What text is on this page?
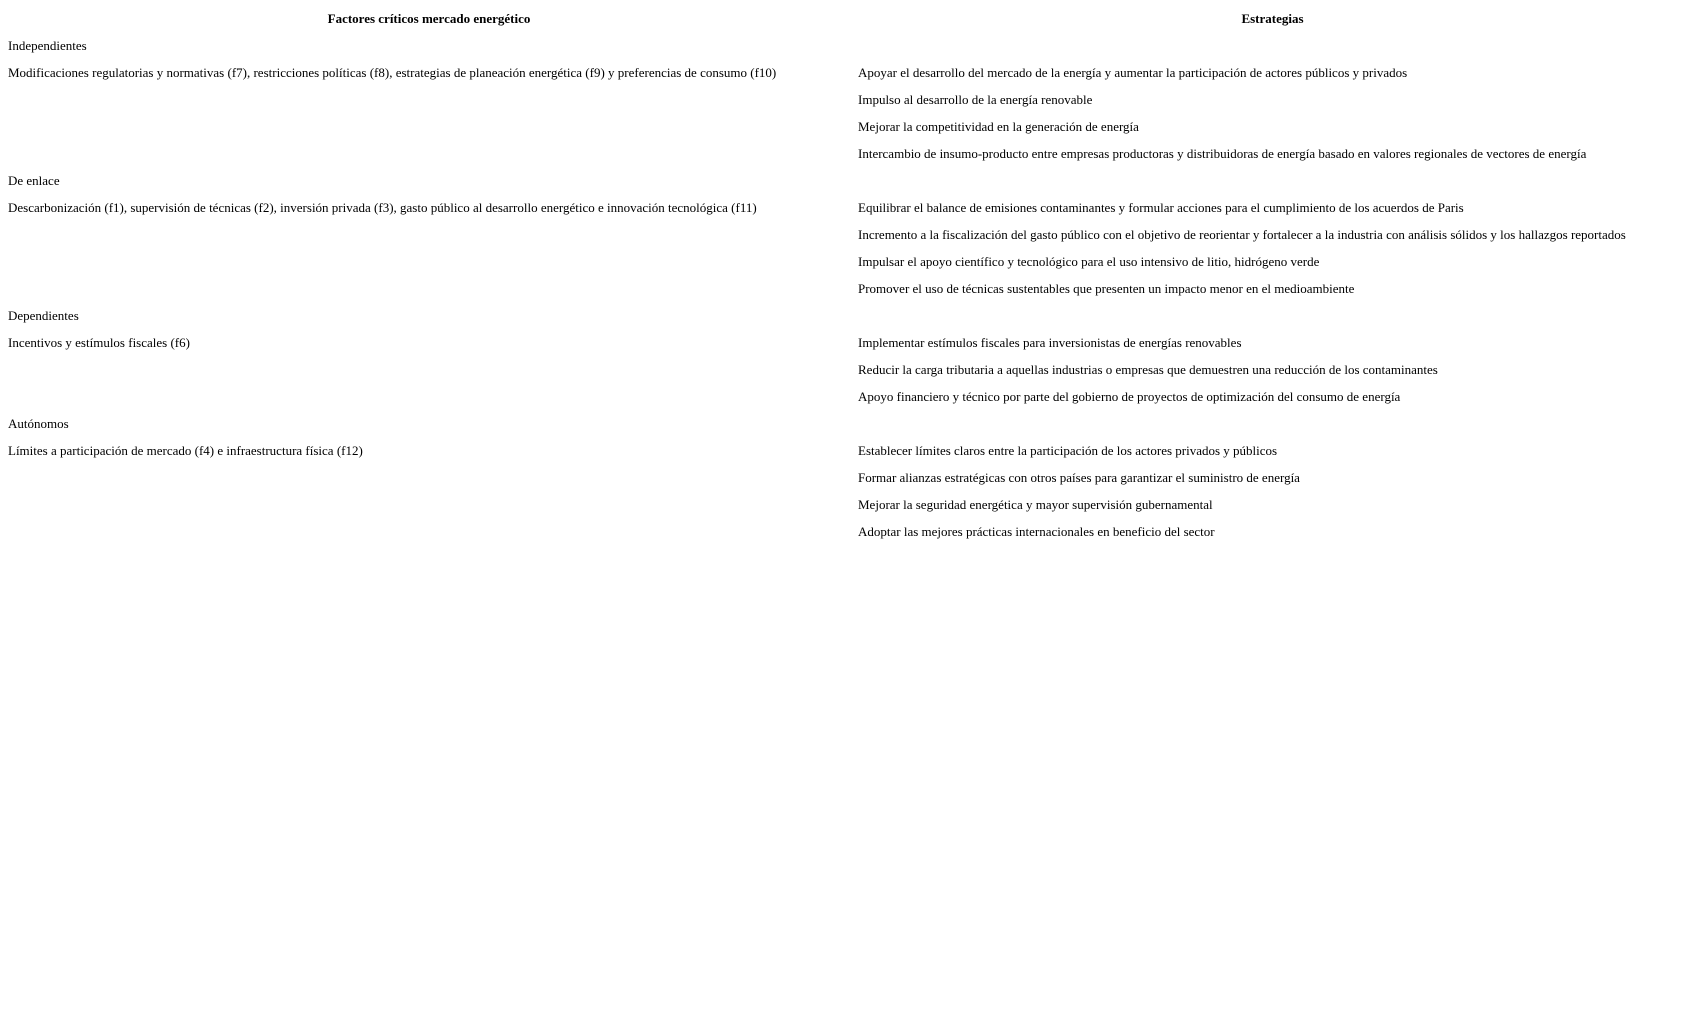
Factores críticos mercado energético	Estrategias
Independientes	
Modificaciones regulatorias y normativas (f7), restricciones políticas (f8), estrategias de planeación energética (f9) y preferencias de consumo (f10)	Apoyar el desarrollo del mercado de la energía y aumentar la participación de actores públicos y privados
	Impulso al desarrollo de la energía renovable
	Mejorar la competitividad en la generación de energía
	Intercambio de insumo-producto entre empresas productoras y distribuidoras de energía basado en valores regionales de vectores de energía
De enlace	
Descarbonización (f1), supervisión de técnicas (f2), inversión privada (f3), gasto público al desarrollo energético e innovación tecnológica (f11)	Equilibrar el balance de emisiones contaminantes y formular acciones para el cumplimiento de los acuerdos de Paris
	Incremento a la fiscalización del gasto público con el objetivo de reorientar y fortalecer a la industria con análisis sólidos y los hallazgos reportados
	Impulsar el apoyo científico y tecnológico para el uso intensivo de litio, hidrógeno verde
	Promover el uso de técnicas sustentables que presenten un impacto menor en el medioambiente
Dependientes	
Incentivos y estímulos fiscales (f6)	Implementar estímulos fiscales para inversionistas de energías renovables
	Reducir la carga tributaria a aquellas industrias o empresas que demuestren una reducción de los contaminantes
	Apoyo financiero y técnico por parte del gobierno de proyectos de optimización del consumo de energía
Autónomos	
Límites a participación de mercado (f4) e infraestructura física (f12)	Establecer límites claros entre la participación de los actores privados y públicos
	Formar alianzas estratégicas con otros países para garantizar el suministro de energía
	Mejorar la seguridad energética y mayor supervisión gubernamental
	Adoptar las mejores prácticas internacionales en beneficio del sector
